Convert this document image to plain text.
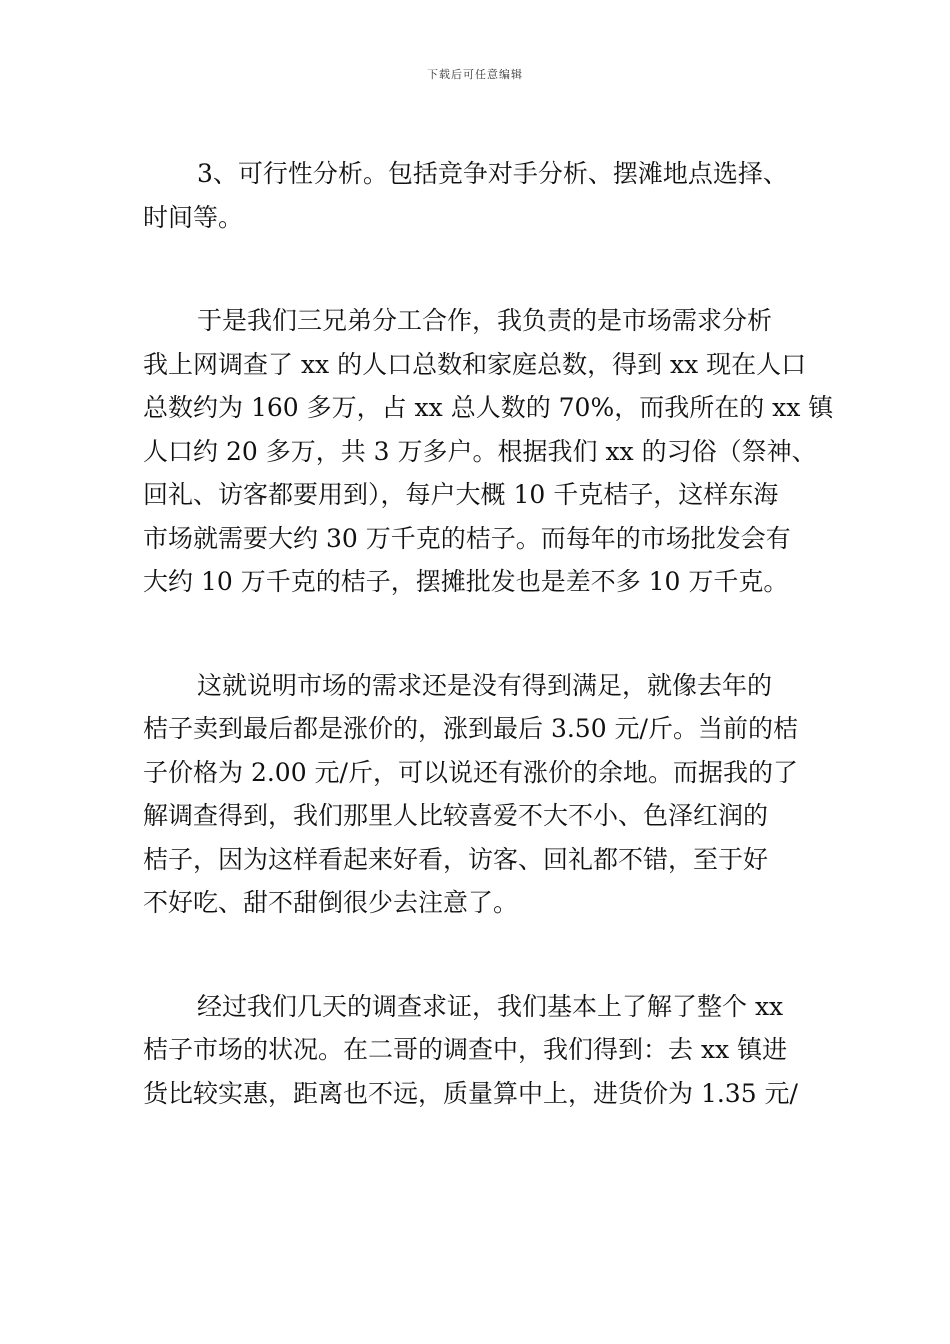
下载后可任意编辑
3、可行性分析。包括竞争对手分析、摆滩地点选择、
时间等。
于是我们三兄弟分工合作，我负责的是市场需求分析
我上网调查了 xx 的人口总数和家庭总数，得到 xx 现在人口
总数约为 160 多万，占 xx 总人数的 70%，而我所在的 xx 镇
人口约 20 多万，共 3 万多户。根据我们 xx 的习俗（祭神、
回礼、访客都要用到），每户大概 10 千克桔子，这样东海
市场就需要大约 30 万千克的桔子。而每年的市场批发会有
大约 10 万千克的桔子，摆摊批发也是差不多 10 万千克。
这就说明市场的需求还是没有得到满足，就像去年的
桔子卖到最后都是涨价的，涨到最后 3.50 元/斤。当前的桔
子价格为 2.00 元/斤，可以说还有涨价的余地。而据我的了
解调查得到，我们那里人比较喜爱不大不小、色泽红润的
桔子，因为这样看起来好看，访客、回礼都不错，至于好
不好吃、甜不甜倒很少去注意了。
经过我们几天的调查求证，我们基本上了解了整个 xx
桔子市场的状况。在二哥的调查中，我们得到：去 xx 镇进
货比较实惠，距离也不远，质量算中上，进货价为 1.35 元/
